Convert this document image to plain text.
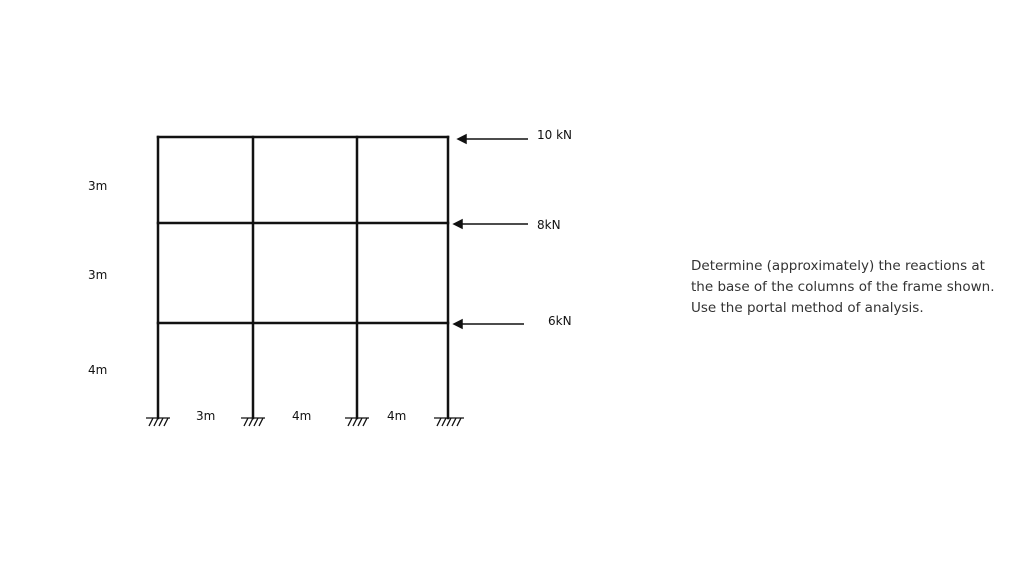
10 kN
8kN
6kN
3m
3m
4m
3m	4m	4m
Determine (approximately) the reactions at
the base of the columns of the frame shown.
Use the portal method of analysis.
